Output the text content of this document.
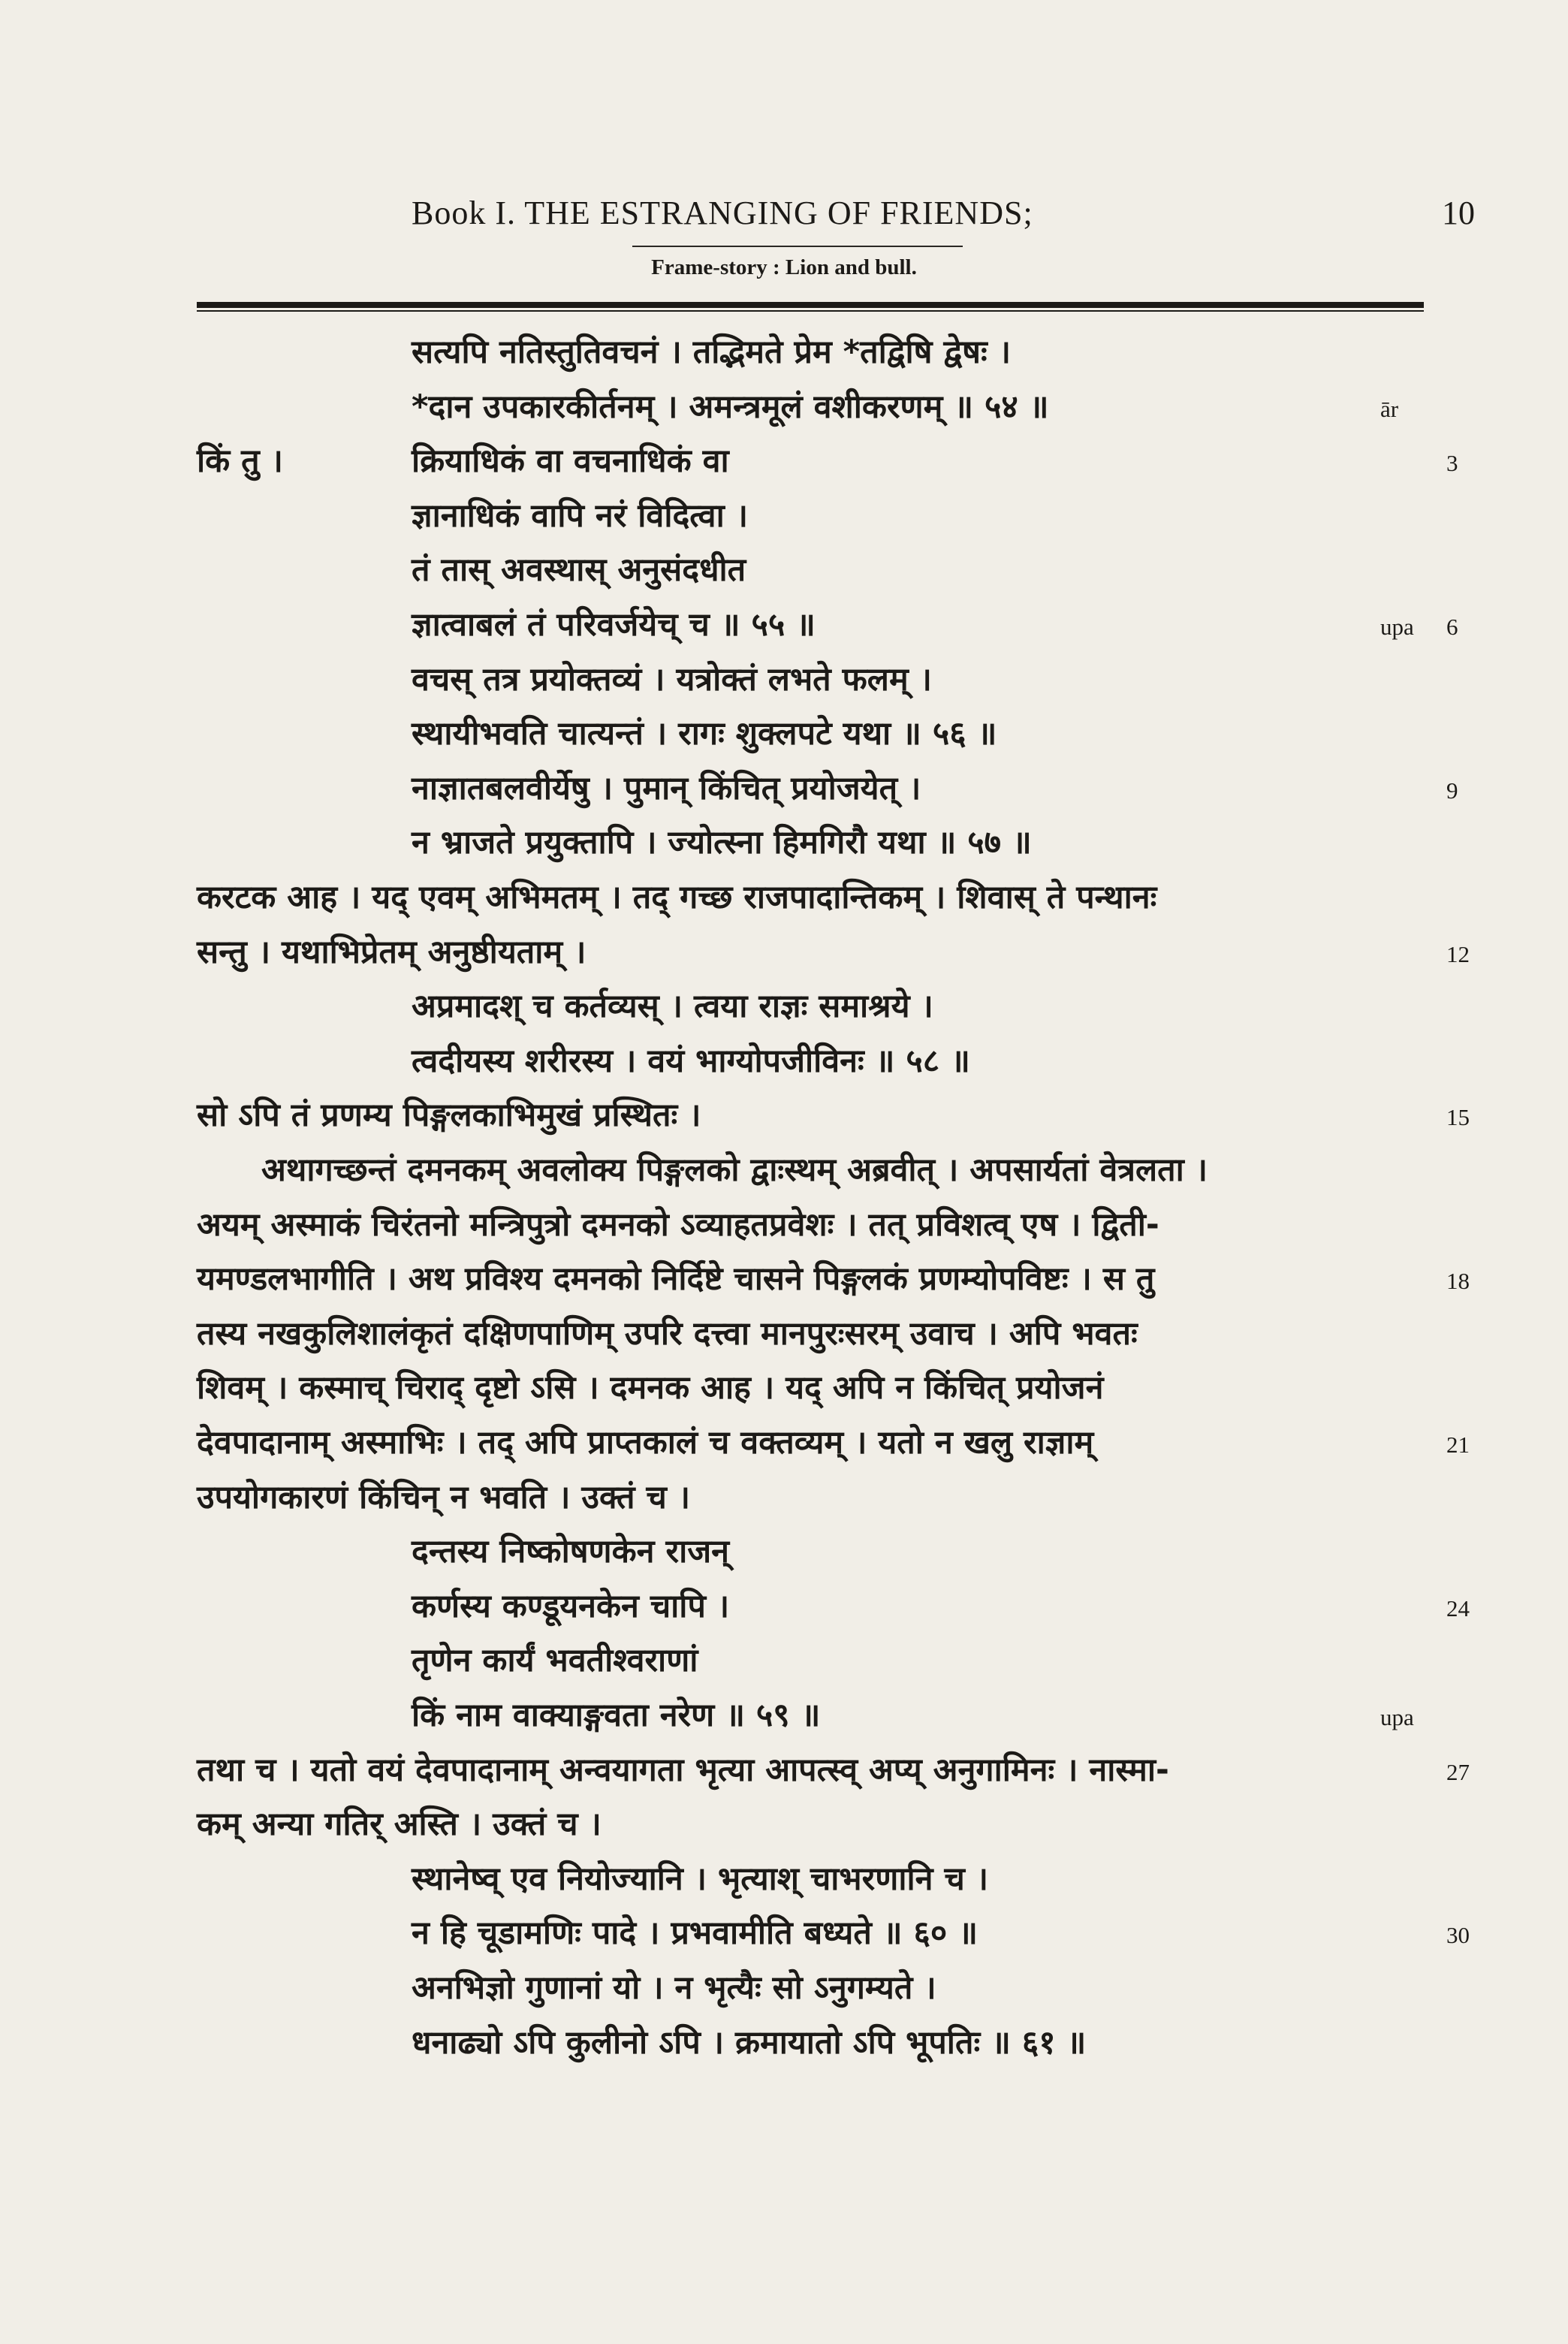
Book I. THE ESTRANGING OF FRIENDS;	10
Frame-story : Lion and bull.
सत्यपि नतिस्तुतिवचनं । तद्भिमते प्रेम *तद्विषि द्वेषः ।
*दान उपकारकीर्तनम् । अमन्त्रमूलं वशीकरणम् ॥ ५४ ॥	ār
क्रियाधिकं वा वचनाधिकं वा
किं तु ।	3
ज्ञानाधिकं वापि नरं विदित्वा ।
तं तास् अवस्थास् अनुसंदधीत
ज्ञात्वाबलं तं परिवर्जयेच् च ॥ ५५ ॥	upa 6
वचस् तत्र प्रयोक्तव्यं । यत्रोक्तं लभते फलम् ।
स्थायीभवति चात्यन्तं । रागः शुक्लपटे यथा ॥ ५६ ॥
नाज्ञातबलवीर्येषु । पुमान् किंचित् प्रयोजयेत् ।	9
न भ्राजते प्रयुक्तापि । ज्योत्स्ना हिमगिरौ यथा ॥ ५७ ॥
करटक आह । यद् एवम् अभिमतम् । तद् गच्छ राजपादान्तिकम् । शिवास् ते पन्थानः
सन्तु । यथाभिप्रेतम् अनुष्ठीयताम् ।	12
अप्रमादश् च कर्तव्यस् । त्वया राज्ञः समाश्रये ।
त्वदीयस्य शरीरस्य । वयं भाग्योपजीविनः ॥ ५८ ॥
सो ऽपि तं प्रणम्य पिङ्गलकाभिमुखं प्रस्थितः ।	15
अथागच्छन्तं दमनकम् अवलोक्य पिङ्गलको द्वाःस्थम् अब्रवीत् । अपसार्यतां वेत्रलता ।
अयम् अस्माकं चिरंतनो मन्त्रिपुत्रो दमनको ऽव्याहतप्रवेशः । तत् प्रविशत्व् एष । द्विती-
यमण्डलभागीति । अथ प्रविश्य दमनको निर्दिष्टे चासने पिङ्गलकं प्रणम्योपविष्टः । स तु	18
तस्य नखकुलिशालंकृतं दक्षिणपाणिम् उपरि दत्त्वा मानपुरःसरम् उवाच । अपि भवतः
शिवम् । कस्माच् चिराद् दृष्टो ऽसि । दमनक आह । यद् अपि न किंचित् प्रयोजनं
देवपादानाम् अस्माभिः । तद् अपि प्राप्तकालं च वक्तव्यम् । यतो न खलु राज्ञाम्	21
उपयोगकारणं किंचिन् न भवति । उक्तं च ।
दन्तस्य निष्कोषणकेन राजन्
कर्णस्य कण्डूयनकेन चापि ।	24
तृणेन कार्यं भवतीश्वराणां
किं नाम वाक्याङ्गवता नरेण ॥ ५९ ॥	upa
तथा च । यतो वयं देवपादानाम् अन्वयागता भृत्या आपत्स्व् अप्य् अनुगामिनः । नास्मा-	27
कम् अन्या गतिर् अस्ति । उक्तं च ।
स्थानेष्व् एव नियोज्यानि । भृत्याश् चाभरणानि च ।
न हि चूडामणिः पादे । प्रभवामीति बध्यते ॥ ६० ॥	30
अनभिज्ञो गुणानां यो । न भृत्यैः सो ऽनुगम्यते ।
धनाढ्यो ऽपि कुलीनो ऽपि । क्रमायातो ऽपि भूपतिः ॥ ६१ ॥
